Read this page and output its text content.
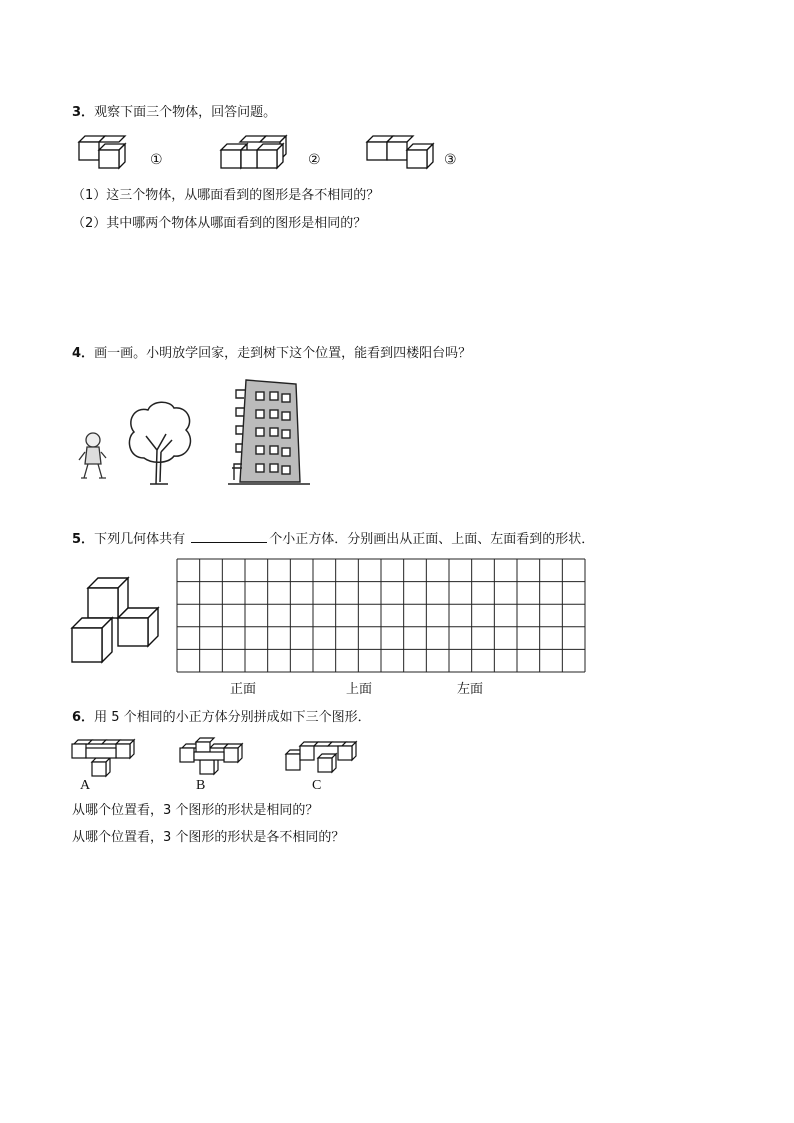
3．观察下面三个物体，回答问题。
①	②	③
（1）这三个物体，从哪面看到的图形是各不相同的？
（2）其中哪两个物体从哪面看到的图形是相同的？
4．画一画。小明放学回家，走到树下这个位置，能看到四楼阳台吗？
5．下列几何体共有	个小正方体．分别画出从正面、上面、左面看到的形状．
正面	上面	左面
6．用 5 个相同的小正方体分别拼成如下三个图形．
A	B	C
从哪个位置看，3 个图形的形状是相同的？
从哪个位置看，3 个图形的形状是各不相同的？
